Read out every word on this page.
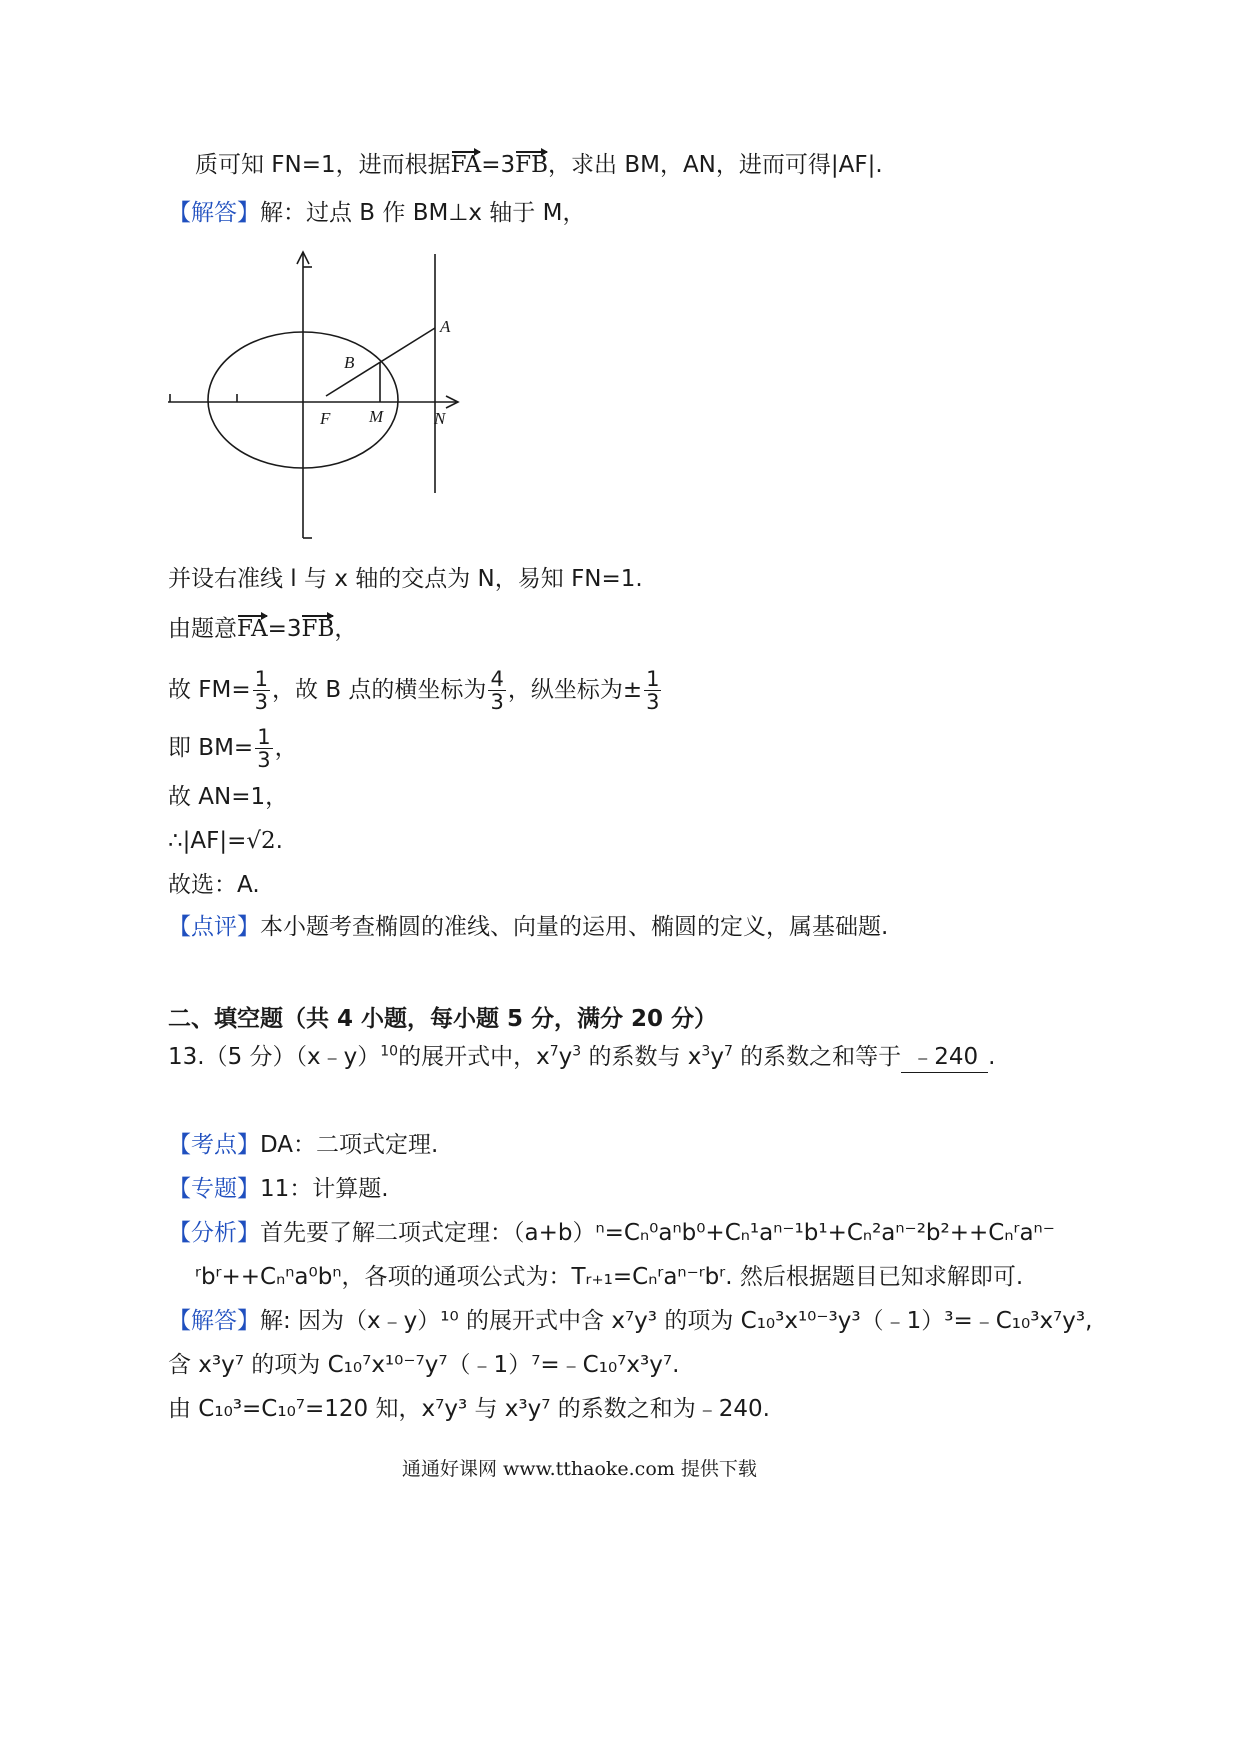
质可知 FN=1，进而根据FA=3FB，求出 BM，AN，进而可得|AF|.
【解答】解：过点 B 作 BM⊥x 轴于 M，
A
B
F M	N
并设右准线 l 与 x 轴的交点为 N，易知 FN=1.
由题意FA=3FB，
故 $FM= \frac{1}{3}$ ，故 B 点的横坐标为 $\frac{4}{3}$ ，纵坐标为± $\frac{1}{3}$
即 $BM= \frac{1}{3}$ ，
故 AN=1，
∴|AF|=√2.
故选：A.
【点评】本小题考查椭圆的准线、向量的运用、椭圆的定义，属基础题.
二、填空题（共 4 小题，每小题 5 分，满分 20 分）
13.（5 分）（x﹣y）$^{10}$的展开式中，$x^7y^3$ 的系数与 $x^3y^7$ 的系数之和等于 ﹣240 .
【考点】DA：二项式定理.
【专题】11：计算题.
【分析】首先要了解二项式定理：（a+b）ⁿ=Cₙ⁰aⁿb⁰+Cₙ¹aⁿ⁻¹b¹+Cₙ²aⁿ⁻²b²++Cₙʳaⁿ⁻
ʳbʳ++Cₙⁿa⁰bⁿ，各项的通项公式为：Tᵣ₊₁=Cₙʳaⁿ⁻ʳbʳ. 然后根据题目已知求解即可.
【解答】解: 因为（x﹣y）¹⁰ 的展开式中含 x⁷y³ 的项为 C₁₀³x¹⁰⁻³y³（﹣1）³=﹣C₁₀³x⁷y³,
含 x³y⁷ 的项为 C₁₀⁷x¹⁰⁻⁷y⁷（﹣1）⁷=﹣C₁₀⁷x³y⁷.
由 C₁₀³=C₁₀⁷=120 知，x⁷y³ 与 x³y⁷ 的系数之和为﹣240.
通通好课网 www.tthaoke.com 提供下载
